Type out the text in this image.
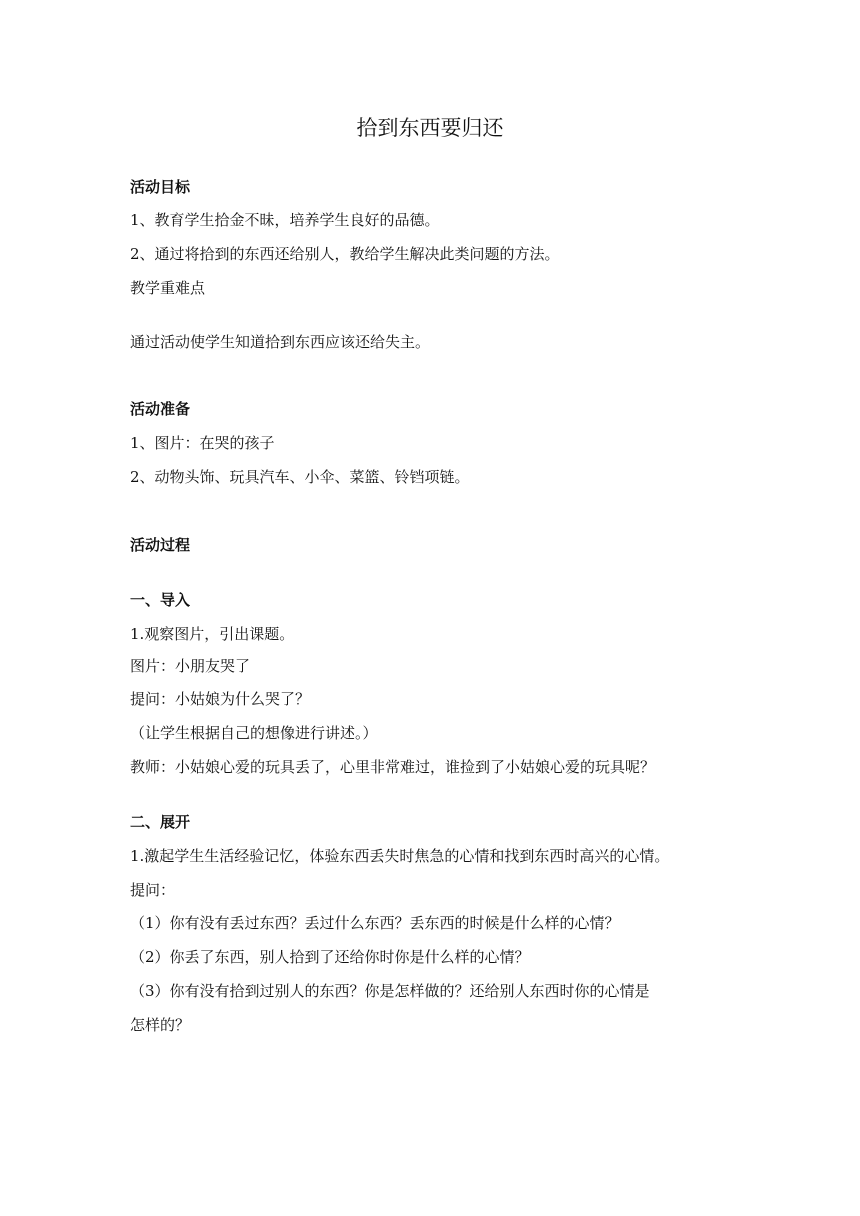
拾到东西要归还
活动目标
1、教育学生拾金不昧，培养学生良好的品德。
2、通过将拾到的东西还给别人，教给学生解决此类问题的方法。
教学重难点
通过活动使学生知道拾到东西应该还给失主。
活动准备
1、图片：在哭的孩子
2、动物头饰、玩具汽车、小伞、菜篮、铃铛项链。
活动过程
一、导入
1.观察图片，引出课题。
图片：小朋友哭了
提问：小姑娘为什么哭了？
（让学生根据自己的想像进行讲述。）
教师：小姑娘心爱的玩具丢了，心里非常难过，谁捡到了小姑娘心爱的玩具呢？
二、展开
1.激起学生生活经验记忆，体验东西丢失时焦急的心情和找到东西时高兴的心情。
提问：
（1）你有没有丢过东西？丢过什么东西？丢东西的时候是什么样的心情？
（2）你丢了东西，别人拾到了还给你时你是什么样的心情？
（3）你有没有拾到过别人的东西？你是怎样做的？还给别人东西时你的心情是
怎样的？
